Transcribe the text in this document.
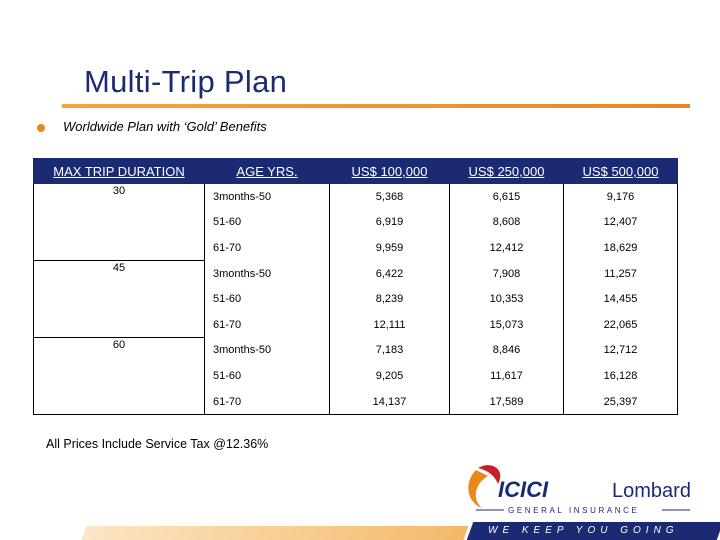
Multi-Trip Plan
Worldwide Plan with ‘Gold’ Benefits
MAX TRIP DURATION	AGE YRS.	US$ 100,000	US$ 250,000	US$ 500,000
30	3months-50	5,368	6,615	9,176
	51-60	6,919	8,608	12,407
	61-70	9,959	12,412	18,629
45	3months-50	6,422	7,908	11,257
	51-60	8,239	10,353	14,455
	61-70	12,111	15,073	22,065
60	3months-50	7,183	8,846	12,712
	51-60	9,205	11,617	16,128
	61-70	14,137	17,589	25,397
All Prices Include Service Tax @12.36%
ICICI	Lombard
GENERAL INSURANCE
WE KEEP YOU GOING
